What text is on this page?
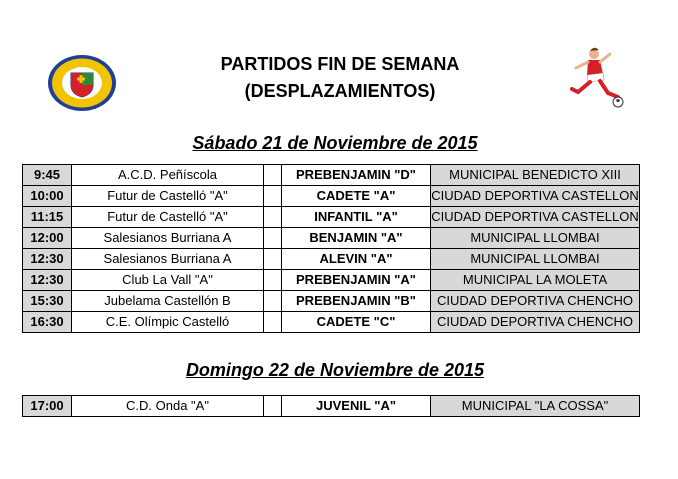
PARTIDOS FIN DE SEMANA
(DESPLAZAMIENTOS)
Sábado 21 de Noviembre de 2015
9:45	A.C.D. Peñíscola		PREBENJAMIN "D"	MUNICIPAL BENEDICTO XIII
10:00	Futur de Castelló "A"		CADETE "A"	CIUDAD DEPORTIVA CASTELLON
11:15	Futur de Castelló "A"		INFANTIL "A"	CIUDAD DEPORTIVA CASTELLON
12:00	Salesianos Burriana A		BENJAMIN "A"	MUNICIPAL LLOMBAI
12:30	Salesianos Burriana A		ALEVIN "A"	MUNICIPAL LLOMBAI
12:30	Club La Vall "A"		PREBENJAMIN "A"	MUNICIPAL LA MOLETA
15:30	Jubelama Castellón B		PREBENJAMIN "B"	CIUDAD DEPORTIVA CHENCHO
16:30	C.E. Olímpic Castelló		CADETE "C"	CIUDAD DEPORTIVA CHENCHO
Domingo 22 de Noviembre de 2015
17:00	C.D. Onda "A"		JUVENIL "A"	MUNICIPAL "LA COSSA"
